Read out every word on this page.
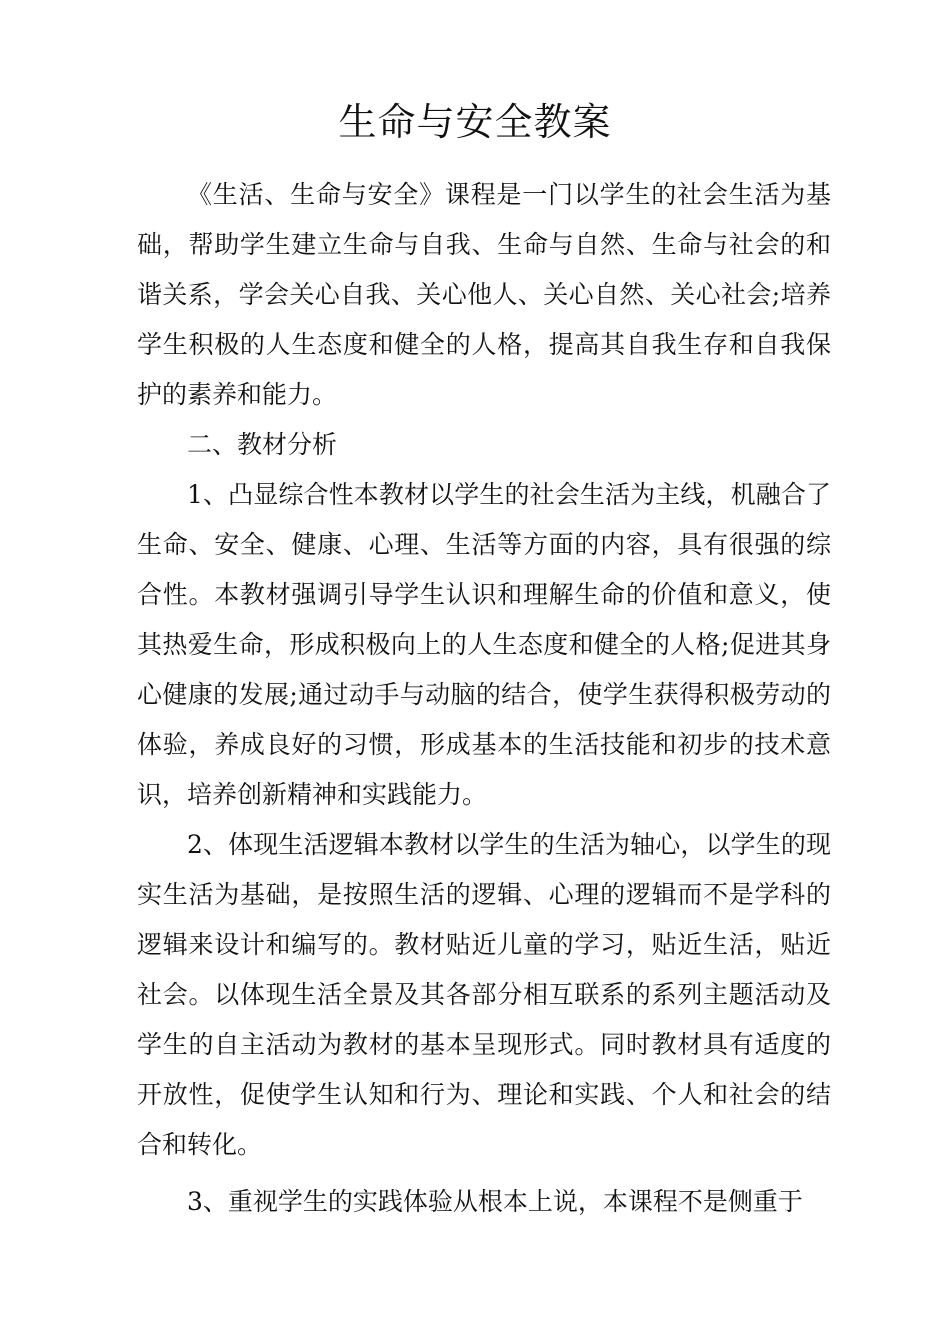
生命与安全教案

《生活、生命与安全》课程是一门以学生的社会生活为基础，帮助学生建立生命与自我、生命与自然、生命与社会的和谐关系，学会关心自我、关心他人、关心自然、关心社会;培养学生积极的人生态度和健全的人格，提高其自我生存和自我保护的素养和能力。

二、教材分析

1、凸显综合性本教材以学生的社会生活为主线，机融合了生命、安全、健康、心理、生活等方面的内容，具有很强的综合性。本教材强调引导学生认识和理解生命的价值和意义，使其热爱生命，形成积极向上的人生态度和健全的人格;促进其身心健康的发展;通过动手与动脑的结合，使学生获得积极劳动的体验，养成良好的习惯，形成基本的生活技能和初步的技术意识，培养创新精神和实践能力。

2、体现生活逻辑本教材以学生的生活为轴心，以学生的现实生活为基础，是按照生活的逻辑、心理的逻辑而不是学科的逻辑来设计和编写的。教材贴近儿童的学习，贴近生活，贴近社会。以体现生活全景及其各部分相互联系的系列主题活动及学生的自主活动为教材的基本呈现形式。同时教材具有适度的开放性，促使学生认知和行为、理论和实践、个人和社会的结合和转化。

3、重视学生的实践体验从根本上说，本课程不是侧重于
